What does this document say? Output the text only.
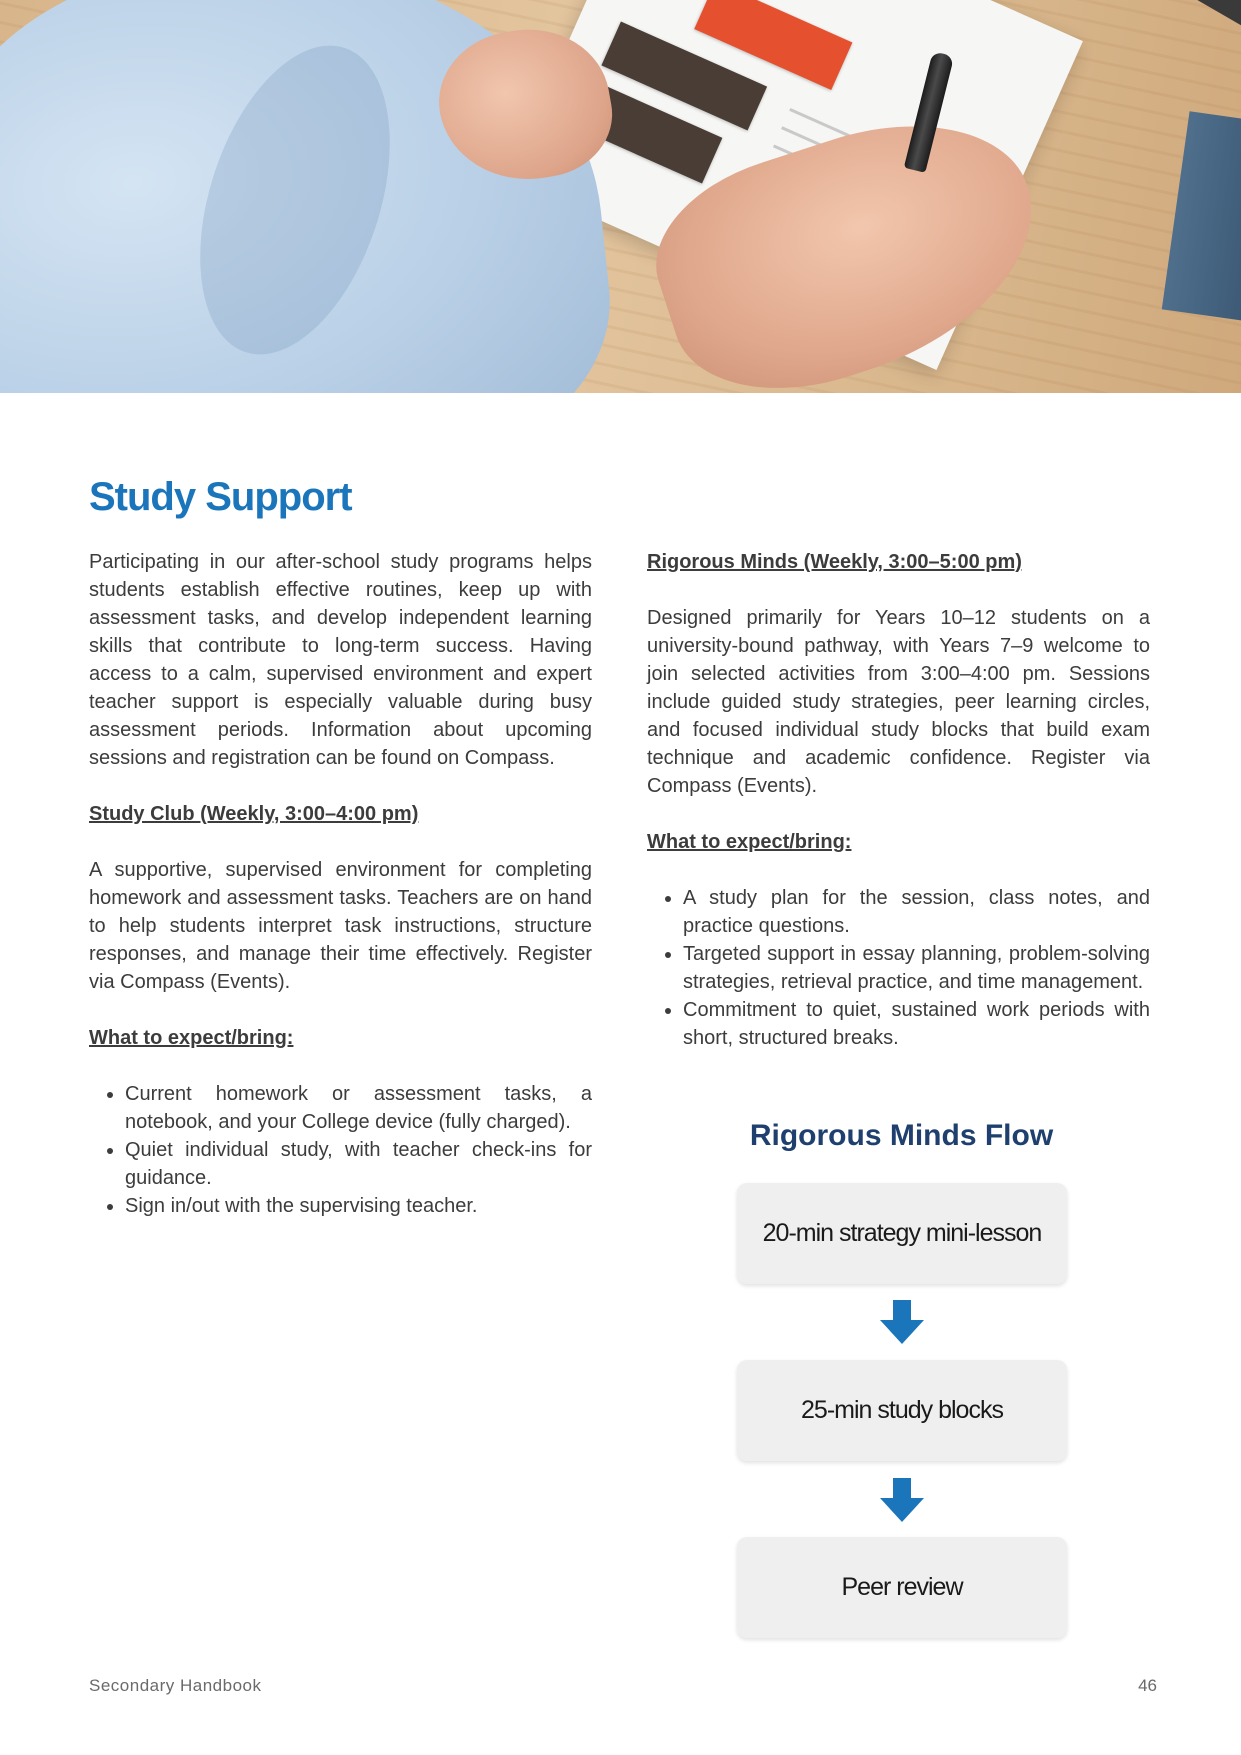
Study Support

Participating in our after-school study programs helps students establish effective routines, keep up with assessment tasks, and develop independent learning skills that contribute to long-term success. Having access to a calm, supervised environment and expert teacher support is especially valuable during busy assessment periods. Information about upcoming sessions and registration can be found on Compass.

Study Club (Weekly, 3:00–4:00 pm)

A supportive, supervised environment for completing homework and assessment tasks. Teachers are on hand to help students interpret task instructions, structure responses, and manage their time effectively. Register via Compass (Events).

What to expect/bring:

• Current homework or assessment tasks, a notebook, and your College device (fully charged).
• Quiet individual study, with teacher check-ins for guidance.
• Sign in/out with the supervising teacher.

Rigorous Minds (Weekly, 3:00–5:00 pm)

Designed primarily for Years 10–12 students on a university-bound pathway, with Years 7–9 welcome to join selected activities from 3:00–4:00 pm. Sessions include guided study strategies, peer learning circles, and focused individual study blocks that build exam technique and academic confidence. Register via Compass (Events).

What to expect/bring:

• A study plan for the session, class notes, and practice questions.
• Targeted support in essay planning, problem-solving strategies, retrieval practice, and time management.
• Commitment to quiet, sustained work periods with short, structured breaks.
Rigorous Minds Flow
20-min strategy mini-lesson
25-min study blocks
Peer review
Secondary Handbook	46
